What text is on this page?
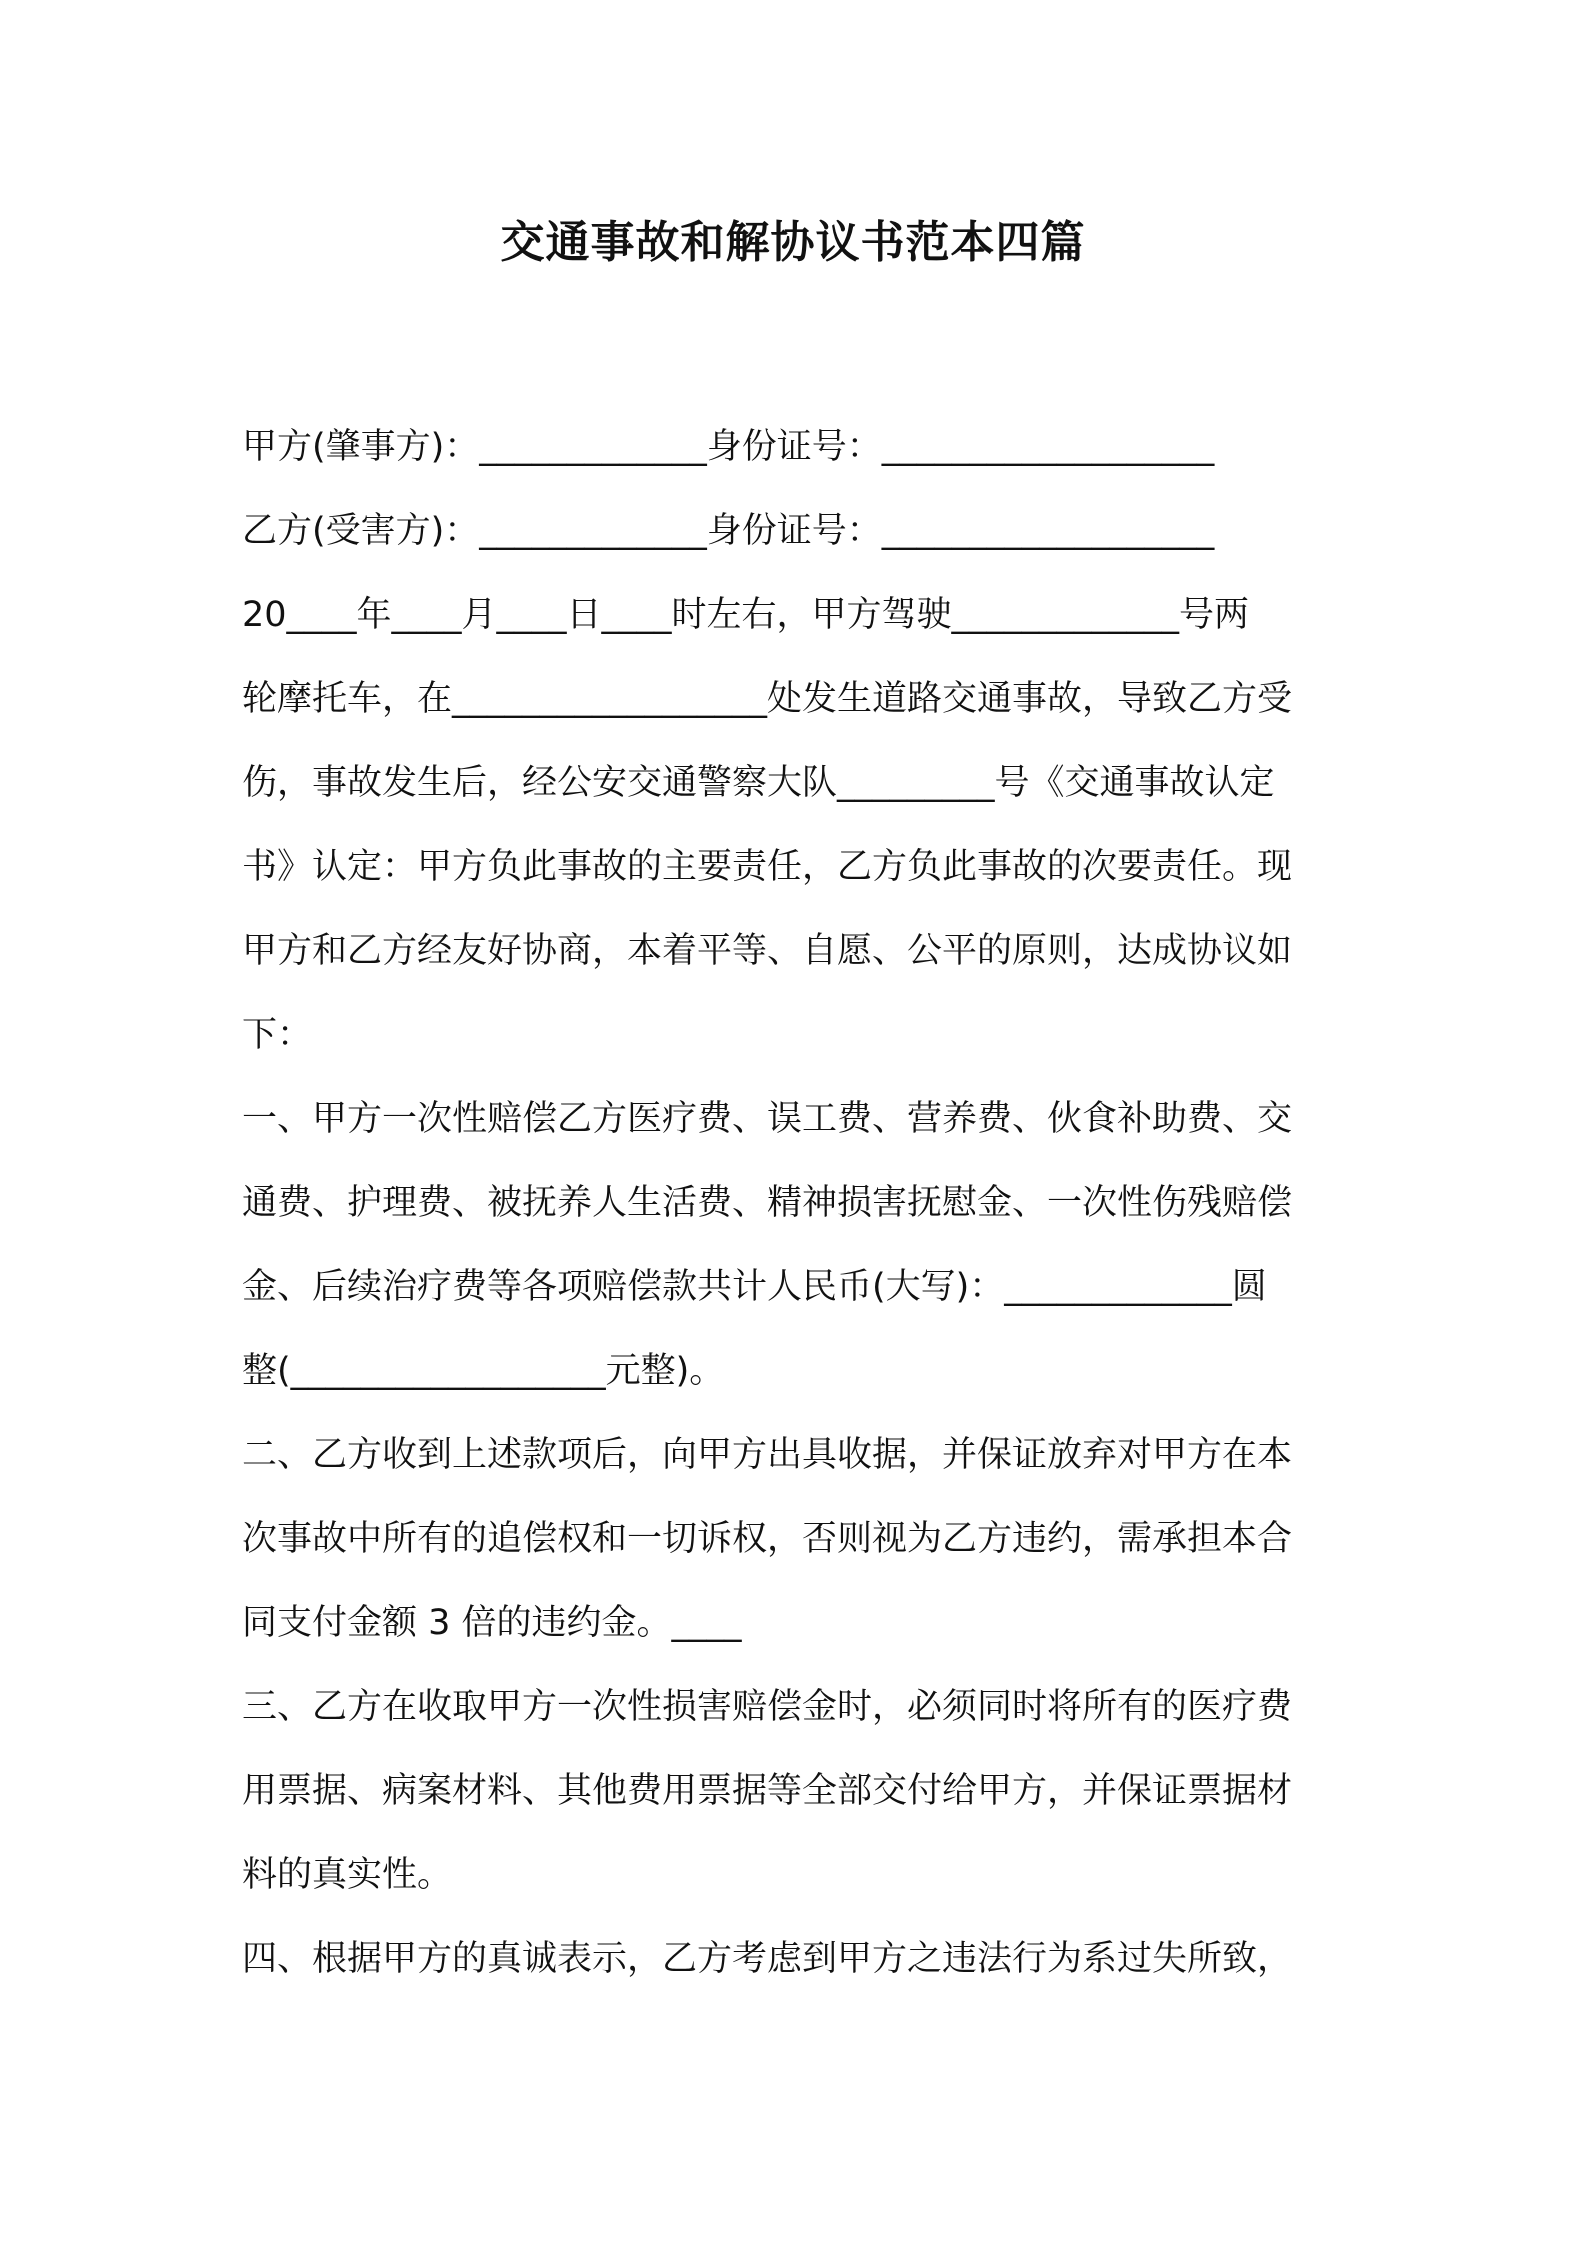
交通事故和解协议书范本四篇
甲方(肇事方)：_____________身份证号：___________________
乙方(受害方)：_____________身份证号：___________________
20____年____月____日____时左右，甲方驾驶_____________号两
轮摩托车，在__________________处发生道路交通事故，导致乙方受
伤，事故发生后，经公安交通警察大队_________号《交通事故认定
书》认定：甲方负此事故的主要责任，乙方负此事故的次要责任。现
甲方和乙方经友好协商，本着平等、自愿、公平的原则，达成协议如
下：
一、甲方一次性赔偿乙方医疗费、误工费、营养费、伙食补助费、交
通费、护理费、被抚养人生活费、精神损害抚慰金、一次性伤残赔偿
金、后续治疗费等各项赔偿款共计人民币(大写)：_____________圆
整(__________________元整)。
二、乙方收到上述款项后，向甲方出具收据，并保证放弃对甲方在本
次事故中所有的追偿权和一切诉权，否则视为乙方违约，需承担本合
同支付金额 3 倍的违约金。____
三、乙方在收取甲方一次性损害赔偿金时，必须同时将所有的医疗费
用票据、病案材料、其他费用票据等全部交付给甲方，并保证票据材
料的真实性。
四、根据甲方的真诚表示，乙方考虑到甲方之违法行为系过失所致，
